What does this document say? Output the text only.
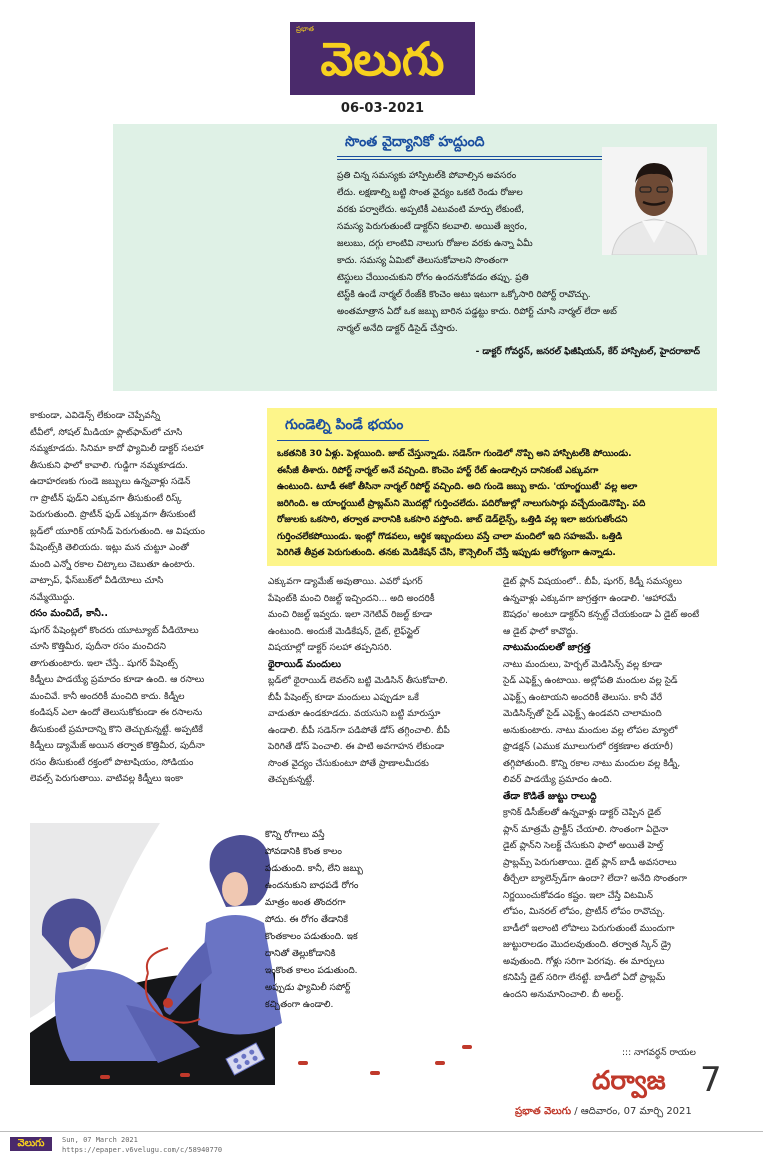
ప్రభాత
వెలుగు
06-03-2021
సొంత వైద్యానికో హద్దుంది
ప్రతి చిన్న సమస్యకు హాస్పిటల్‌కి పోవాల్సిన అవసరం
లేదు. లక్షణాల్ని బట్టి సొంత వైద్యం ఒకటి రెండు రోజుల
వరకు పర్వాలేదు. అప్పటికీ ఎటువంటి మార్పు లేకుంటే,
సమస్య పెరుగుతుంటే డాక్టర్‌ని కలవాలి. అయితే జ్వరం,
జలుబు, దగ్గు లాంటివి నాలుగు రోజుల వరకు ఉన్నా ఏమీ
కాదు. సమస్య ఏమిటో తెలుసుకోవాలని సొంతంగా
టెస్టులు చేయించుకుని రోగం ఉందనుకోవడం తప్పు. ప్రతి
టెస్ట్‌కి ఉండే నార్మల్ రేంజ్‌కి కొంచెం అటు ఇటుగా ఒక్కోసారి రిపోర్ట్ రావొచ్చు.
అంతమాత్రాన ఏదో ఒక జబ్బు బారిన పడ్డట్టు కాదు. రిపోర్ట్ చూసి నార్మల్ లేదా అబ్
నార్మల్ అనేది డాక్టర్ డిసైడ్ చేస్తారు.
- డాక్టర్ గోవర్ధన్, జనరల్ ఫిజీషియన్, కేర్ హాస్పిటల్, హైదరాబాద్
గుండెల్ని పిండే భయం
ఒకతనికి 30 ఏళ్లు. పెళ్లయింది. జాబ్ చేస్తున్నాడు. సడెన్‌గా గుండెలో నొప్పి అని హాస్పిటల్‌కి పోయిండు.
ఈసీజీ తీశారు. రిపోర్ట్ నార్మల్ అనే వచ్చింది. కొంచెం హార్ట్ రేట్ ఉండాల్సిన దానికంటే ఎక్కువగా
ఉంటుంది. టూడీ ఈకో తీసినా నార్మల్ రిపోర్ట్ వచ్చింది. అది గుండె జబ్బు కాదు. 'యాంగ్జయిటీ' వల్ల అలా
జరిగింది. ఆ యాంగ్జయిటీ ప్రాబ్లమ్‌ని మొదట్లో గుర్తించలేదు. పదిరోజుల్లో నాలుగుసార్లు వచ్చేదుండెనొప్పి. పది
రోజులకు ఒకసారి, తర్వాత వారానికి ఒకసారి వస్తోంది. జాబ్ డెడ్‌లైన్స్, ఒత్తిడి వల్ల ఇలా జరుగుతోందని
గుర్తించలేకపోయిండు. ఇంట్లో గొడవలు, ఆర్థిక ఇబ్బందులు వస్తే చాలా మందిలో ఇది సహజమే. ఒత్తిడి
పెరిగితే తీవ్రత పెరుగుతుంది. తనకు మెడికేషన్ చేసి, కౌన్సెలింగ్ చేస్తే ఇప్పుడు ఆరోగ్యంగా ఉన్నాడు.
కాకుండా, ఎవిడెన్స్ లేకుండా చెప్పేవన్నీ
టీవీలో, సోషల్ మీడియా ప్లాట్‌ఫామ్‌లో చూసి
నమ్మకూడదు. సినిమా కాదో ఫ్యామిలీ డాక్టర్ సలహా
తీసుకుని ఫాలో కావాలి. గుడ్డిగా నమ్మకూడదు.
ఉదాహరణకు గుండె జబ్బులు ఉన్నవాళ్లు సడెన్
గా ప్రొటీన్ ఫుడ్‌ని ఎక్కువగా తీసుకుంటే రిస్క్
పెరుగుతుంది. ప్రొటీన్ ఫుడ్ ఎక్కువగా తీసుకుంటే
బ్లడ్‌లో యూరిక్ యాసిడ్ పెరుగుతుంది. ఆ విషయం
పేషెంట్స్‌కి తెలియదు. ఇట్లు మన చుట్టూ ఎంతో
మంది ఎన్నో రకాల చిట్కాలు చెబుతూ ఉంటారు.
వాట్సాప్, ఫేస్‌బుక్‌లో వీడియోలు చూసి
నమ్మేయొద్దు.
రసం మంచిదే, కానీ..
షుగర్ పేషెంట్లలో కొందరు యూట్యూబ్ వీడియోలు
చూసి కొత్తిమీర, పుదీనా రసం మంచిదని
తాగుతుంటారు. ఇలా చేస్తే.. షుగర్ పేషెంట్స్
కిడ్నీలు పాడయ్యే ప్రమాదం కూడా ఉంది. ఆ రసాలు
మంచివే. కానీ అందరికీ మంచిది కాదు. కిడ్నీల
కండిషన్ ఎలా ఉందో తెలుసుకోకుండా ఈ రసాలను
తీసుకుంటే ప్రమాదాన్ని కొని తెచ్చుకున్నట్టే. అప్పటికే
కిడ్నీలు డ్యామేజ్ అయిన తర్వాత కొత్తిమీర, పుదీనా
రసం తీసుకుంటే రక్తంలో పొటాషియం, సోడియం
లెవల్స్ పెరుగుతాయి. వాటివల్ల కిడ్నీలు ఇంకా
ఎక్కువగా డ్యామేజ్ అవుతాయి. ఎవరో షుగర్
పేషెంట్‌కి మంచి రిజల్ట్ ఇచ్చిందని... అది అందరికీ
మంచి రిజల్ట్ ఇవ్వదు. ఇలా నెగెటివ్ రిజల్ట్ కూడా
ఉంటుంది. అందుకే మెడికేషన్, డైట్, లైఫ్‌స్టైల్
విషయాల్లో డాక్టర్ సలహా తప్పనిసరి.
థైరాయిడ్ మందులు
బ్లడ్‌లో థైరాయిడ్ లెవల్‌ని బట్టి మెడిసిన్ తీసుకోవాలి.
బీపీ పేషెంట్స్ కూడా మందులు ఎప్పుడూ ఒకే
వాడుతూ ఉండకూడదు. వయసుని బట్టి మారుస్తూ
ఉండాలి. బీపీ సడెన్‌గా పడిపోతే డోస్ తగ్గించాలి. బీపీ
పెరిగితే డోస్ పెంచాలి. ఈ పాటి అవగాహన లేకుండా
సొంత వైద్యం చేసుకుంటూ పోతే ప్రాణాలమీదకు
తెచ్చుకున్నట్టే.
డైట్ ప్లాన్ విషయంలో.. బీపీ, షుగర్, కిడ్నీ సమస్యలు
ఉన్నవాళ్లు ఎక్కువగా జాగ్రత్తగా ఉండాలి. 'ఆహారమే
ఔషధం' అంటూ డాక్టర్‌ని కన్సల్ట్ చేయకుండా ఏ డైట్ అంటే
ఆ డైట్ ఫాలో కావొద్దు.
నాటుమందులతో జాగ్రత్త
నాటు మందులు, హెర్బల్ మెడిసిన్స్ వల్ల కూడా
సైడ్ ఎఫెక్ట్స్ ఉంటాయి. అల్లోపతి మందుల వల్ల సైడ్
ఎఫెక్ట్స్ ఉంటాయని అందరికీ తెలుసు. కానీ వేరే
మెడిసిన్స్‌తో సైడ్ ఎఫెక్ట్స్ ఉండవని చాలామంది
అనుకుంటారు. నాటు మందుల వల్ల లోపల మ్యాలో
ఫ్రొడక్షన్ (ఎముక మూలుగులో రక్తకణాల తయారీ)
తగ్గిపోతుంది. కొన్ని రకాల నాటు మందుల వల్ల కిడ్నీ,
లివర్ పాడయ్యే ప్రమాదం ఉంది.
తేడా కొడితే జుట్టు రాలుద్ది
క్రానిక్ డిసీజ్‌లతో ఉన్నవాళ్లు డాక్టర్ చెప్పిన డైట్
ప్లాన్ మాత్రమే ప్రాక్టీస్ చేయాలి. సొంతంగా ఏదైనా
డైట్ ప్లాన్‌ని సెలక్ట్ చేసుకుని ఫాలో అయితే హెల్త్
ప్రాబ్లమ్స్ పెరుగుతాయి. డైట్ ప్లాన్ బాడీ అవసరాలు
తీర్చేలా బ్యాలెన్స్‌డ్‌గా ఉందా? లేదా? అనేది సొంతంగా
నిర్ణయించుకోవడం కష్టం. ఇలా చేస్తే విటమిన్
లోపం, మినరల్ లోపం, ప్రొటీన్ లోపం రావొచ్చు.
బాడీలో ఇలాంటి లోపాలు పెరుగుతుంటే ముందుగా
జుట్టురాలడం మొదలవుతుంది. తర్వాత స్కిన్ డ్రై
అవుతుంది. గోళ్లు సరిగా పెరగవు. ఈ మార్పులు
కనిపిస్తే డైట్ సరిగా లేనట్టే. బాడీలో ఏదో ప్రాబ్లమ్
ఉందని అనుమానించాలి. బీ అలర్ట్.
::: నాగవర్ధన్ రాయల
కొన్ని రోగాలు వస్తే
పోవడానికి కొంత కాలం
పడుతుంది. కానీ, లేని జబ్బు
ఉందనుకుని బాధపడే రోగం
మాత్రం అంత తొందరగా
పోదు. ఈ రోగం తేడానికే
కొంతకాలం పడుతుంది. ఇక
దానితో తెల్లుకోడానికి
ఇంకొంత కాలం పడుతుంది.
అప్పుడు ఫ్యామిలీ సపోర్ట్
కచ్చితంగా ఉండాలి.
దర్వాజ 7
ప్రభాత వెలుగు / ఆదివారం, 07 మార్చి 2021
వెలుగు	Sun, 07 March 2021
https://epaper.v6velugu.com/c/58940770
